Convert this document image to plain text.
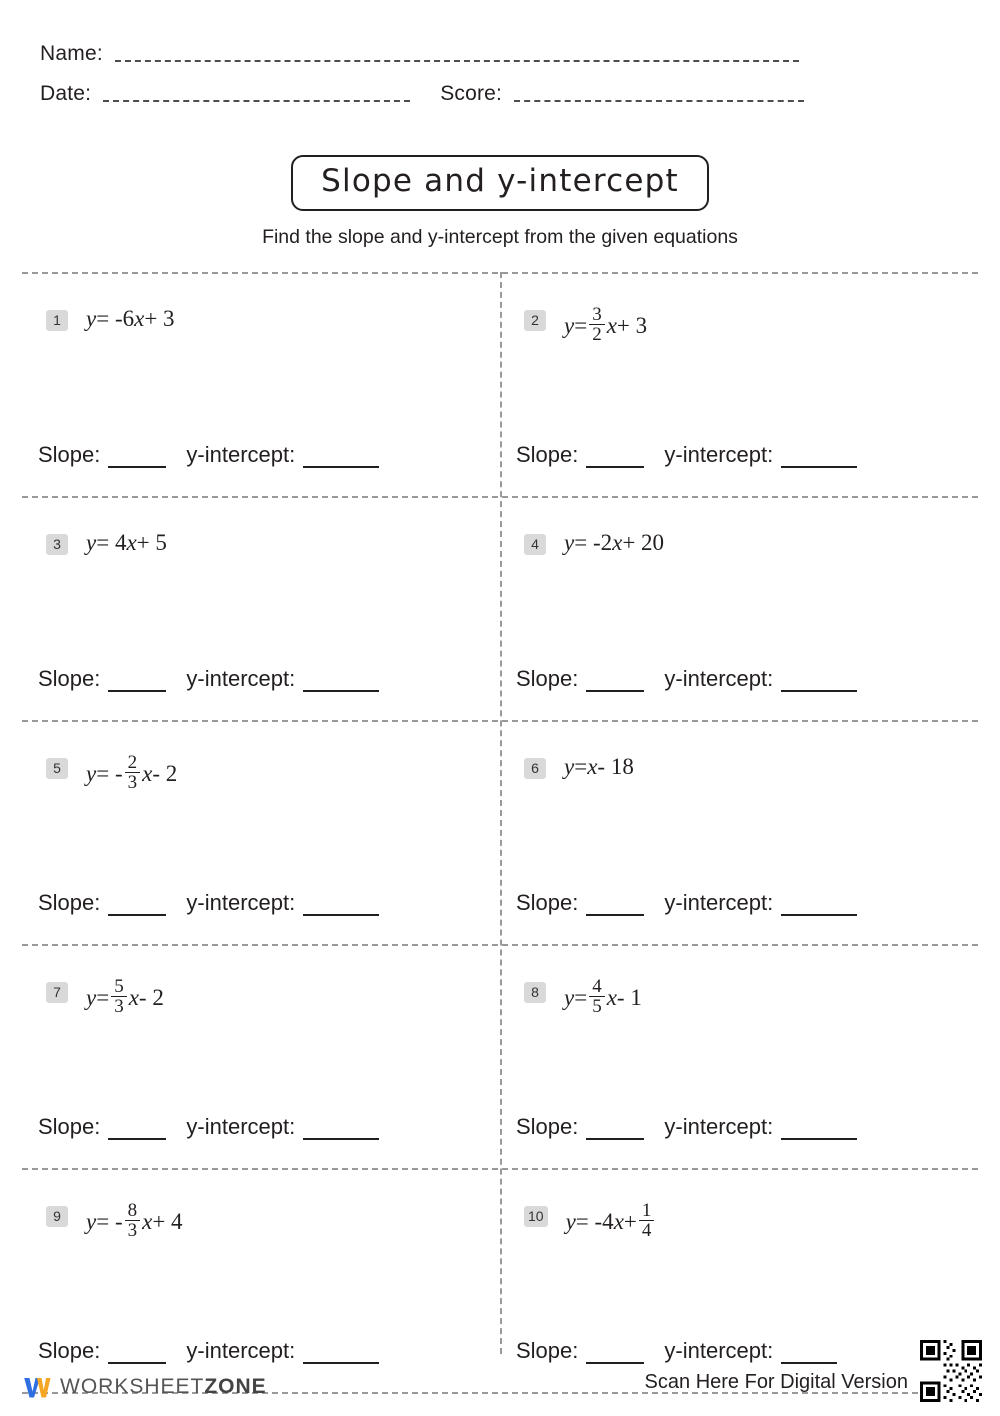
Name:
Date:	Score:
Slope and y-intercept
Find the slope and y-intercept from the given equations
1	y = -6 x + 3
Slope:	y-intercept:
2	$y = \frac{3}{2}$ x + 3
Slope:	y-intercept:
3	y = 4 x + 5
Slope:	y-intercept:
4	y = -2 x + 20
Slope:	y-intercept:
5	y = - $\frac{2}{3}$ x - 2
Slope:	y-intercept:
6	y = x - 18
Slope:	y-intercept:
7	$y = \frac{5}{3}$ x - 2
Slope:	y-intercept:
8	$y = \frac{4}{5}$ x - 1
Slope:	y-intercept:
9	y = - $\frac{8}{3}$ x + 4
Slope:	y-intercept:
10 y = -4 $x + \frac{1}{4}$
Slope:	y-intercept:
WORKSHEETZONE	Scan Here For Digital Version
